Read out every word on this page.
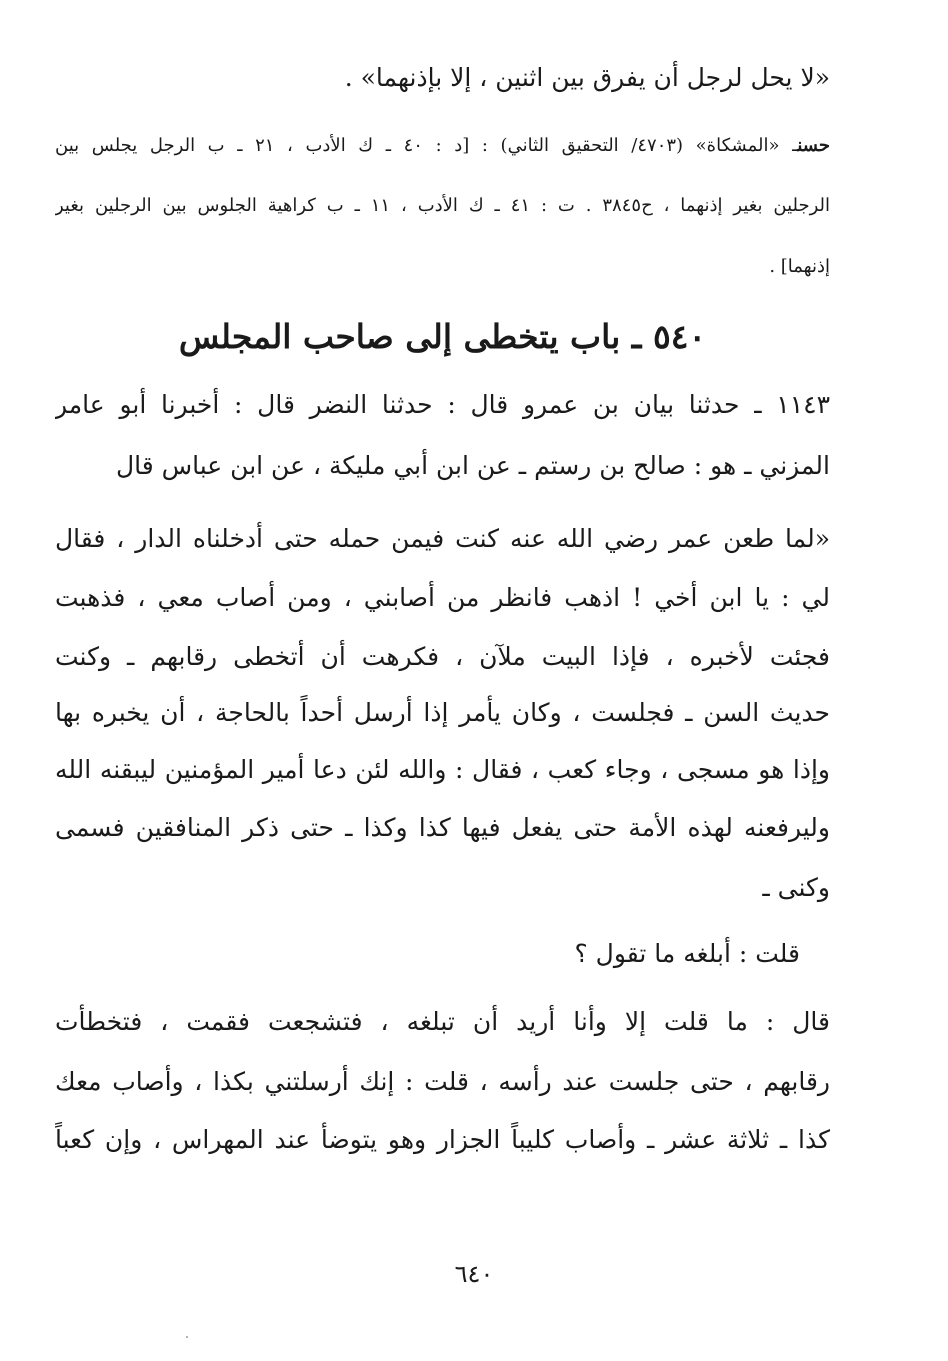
«لا يحل لرجل أن يفرق بين اثنين ، إلا بإذنهما» .
حسنـ «المشكاة» (٤٧٠٣/ التحقيق الثاني) : [د : ٤٠ ـ ك الأدب ، ٢١ ـ ب الرجل يجلس بين
الرجلين بغير إذنهما ، ح٣٨٤٥ . ت : ٤١ ـ ك الأدب ، ١١ ـ ب كراهية الجلوس بين الرجلين بغير
إذنهما] .
٥٤٠ ـ باب يتخطى إلى صاحب المجلس
١١٤٣ ـ حدثنا بيان بن عمرو قال : حدثنا النضر قال : أخبرنا أبو عامر
المزني ـ هو : صالح بن رستم ـ عن ابن أبي مليكة ، عن ابن عباس قال
«لما طعن عمر رضي الله عنه كنت فيمن حمله حتى أدخلناه الدار ، فقال
لي : يا ابن أخي ! اذهب فانظر من أصابني ، ومن أصاب معي ، فذهبت
فجئت لأخبره ، فإذا البيت ملآن ، فكرهت أن أتخطى رقابهم ـ وكنت
حديث السن ـ فجلست ، وكان يأمر إذا أرسل أحداً بالحاجة ، أن يخبره بها
وإذا هو مسجى ، وجاء كعب ، فقال : والله لئن دعا أمير المؤمنين ليبقنه الله
وليرفعنه لهذه الأمة حتى يفعل فيها كذا وكذا ـ حتى ذكر المنافقين فسمى
وكنى ـ
قلت : أبلغه ما تقول ؟
قال : ما قلت إلا وأنا أريد أن تبلغه ، فتشجعت فقمت ، فتخطأت
رقابهم ، حتى جلست عند رأسه ، قلت : إنك أرسلتني بكذا ، وأصاب معك
كذا ـ ثلاثة عشر ـ وأصاب كليباً الجزار وهو يتوضأ عند المهراس ، وإن كعباً
٦٤٠
